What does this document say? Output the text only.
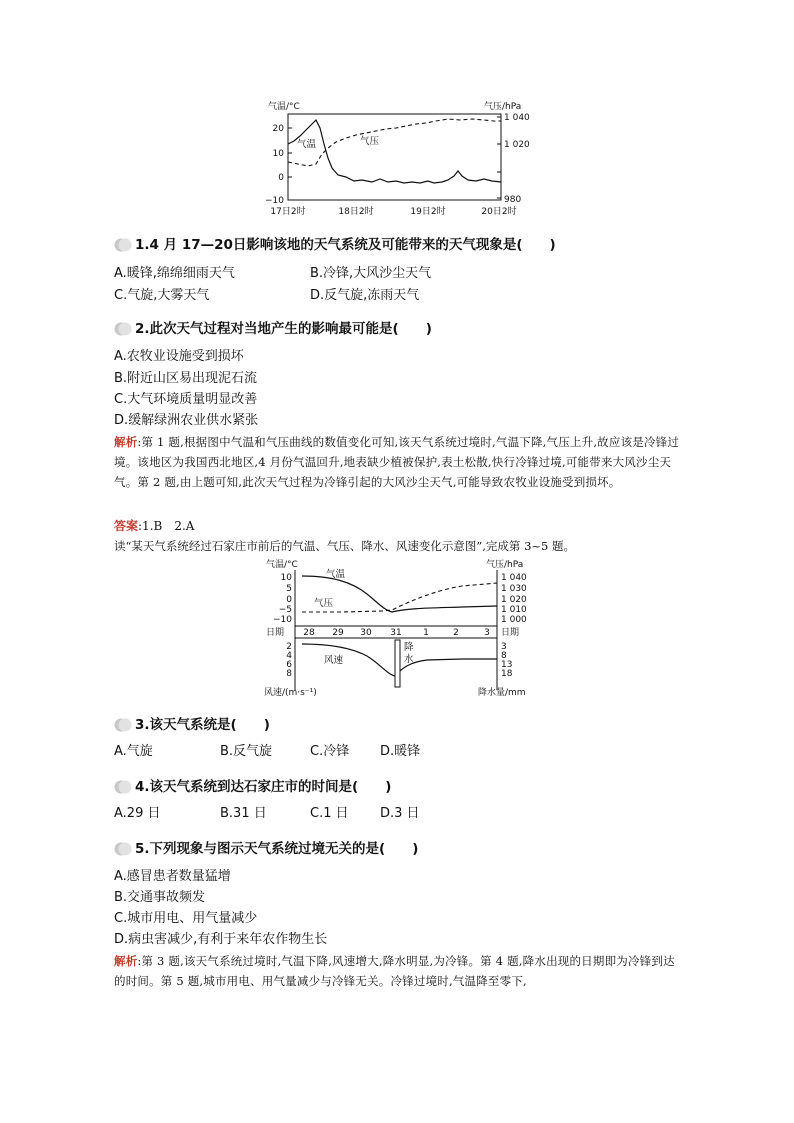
气温/°C	气压/hPa
20
10
0
−10
1 040
1 020
980
气温	气压
17日2时	18日2时	19日2时	20日2时
1.4 月 17—20日影响该地的天气系统及可能带来的天气现象是(　　)
A.暖锋,绵绵细雨天气	B.冷锋,大风沙尘天气
C.气旋,大雾天气	D.反气旋,冻雨天气
2.此次天气过程对当地产生的影响最可能是(　　)
A.农牧业设施受到损坏
B.附近山区易出现泥石流
C.大气环境质量明显改善
D.缓解绿洲农业供水紧张
解析:第 1 题,根据图中气温和气压曲线的数值变化可知,该天气系统过境时,气温下降,气压上升,故应该是冷锋过境。该地区为我国西北地区,4 月份气温回升,地表缺少植被保护,表土松散,快行冷锋过境,可能带来大风沙尘天气。第 2 题,由上题可知,此次天气过程为冷锋引起的大风沙尘天气,可能导致农牧业设施受到损坏。
答案:1.B　2.A
读“某天气系统经过石家庄市前后的气温、气压、降水、风速变化示意图”,完成第 3~5 题。
气温/°C	气压/hPa
10
5
0
−5
−10
1 040
1 030
1 020
1 010
1 000
气温
气压
日期	日期
28 29 30 31 1	2	3
2
4
6
8
3
8
13
18
风速
降
水
风速/(m·s⁻¹)	降水量/mm
3.该天气系统是(　　)
A.气旋	B.反气旋	C.冷锋 D.暖锋
4.该天气系统到达石家庄市的时间是(　　)
A.29 日	B.31 日	C.1 日 D.3 日
5.下列现象与图示天气系统过境无关的是(　　)
A.感冒患者数量猛增
B.交通事故频发
C.城市用电、用气量减少
D.病虫害减少,有利于来年农作物生长
解析:第 3 题,该天气系统过境时,气温下降,风速增大,降水明显,为冷锋。第 4 题,降水出现的日期即为冷锋到达的时间。第 5 题,城市用电、用气量减少与冷锋无关。冷锋过境时,气温降至零下,
